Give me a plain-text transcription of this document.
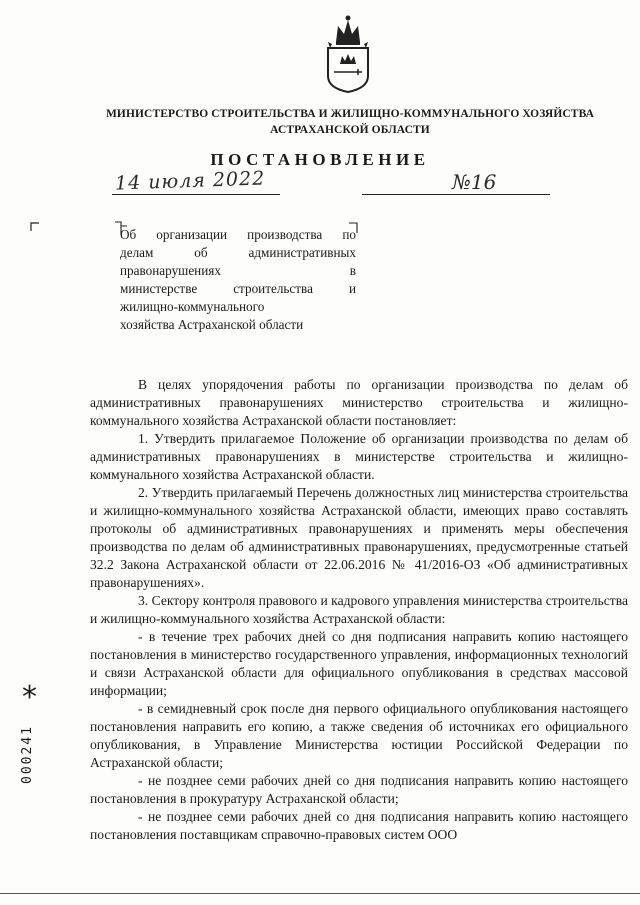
МИНИСТЕРСТВО СТРОИТЕЛЬСТВА И ЖИЛИЩНО-КОММУНАЛЬНОГО ХОЗЯЙСТВА
АСТРАХАНСКОЙ ОБЛАСТИ
ПОСТАНОВЛЕНИЕ
14 июля 2022	№16
Об организации производства по
делам об административных
правонарушениях в
министерстве строительства и
жилищно-коммунального
хозяйства Астраханской области

В целях упорядочения работы по организации производства по делам об административных правонарушениях министерство строительства и жилищно-коммунального хозяйства Астраханской области постановляет:

1. Утвердить прилагаемое Положение об организации производства по делам об административных правонарушениях в министерстве строительства и жилищно-коммунального хозяйства Астраханской области.

2. Утвердить прилагаемый Перечень должностных лиц министерства строительства и жилищно-коммунального хозяйства Астраханской области, имеющих право составлять протоколы об административных правонарушениях и применять меры обеспечения производства по делам об административных правонарушениях, предусмотренные статьей 32.2 Закона Астраханской области от 22.06.2016 № 41/2016-ОЗ «Об административных правонарушениях».

3. Сектору контроля правового и кадрового управления министерства строительства и жилищно-коммунального хозяйства Астраханской области:

- в течение трех рабочих дней со дня подписания направить копию настоящего постановления в министерство государственного управления, информационных технологий и связи Астраханской области для официального опубликования в средствах массовой информации;

- в семидневный срок после дня первого официального опубликования настоящего постановления направить его копию, а также сведения об источниках его официального опубликования, в Управление Министерства юстиции Российской Федерации по Астраханской области;

- не позднее семи рабочих дней со дня подписания направить копию настоящего постановления в прокуратуру Астраханской области;

- не позднее семи рабочих дней со дня подписания направить копию настоящего постановления поставщикам справочно-правовых систем ООО

*
000241
